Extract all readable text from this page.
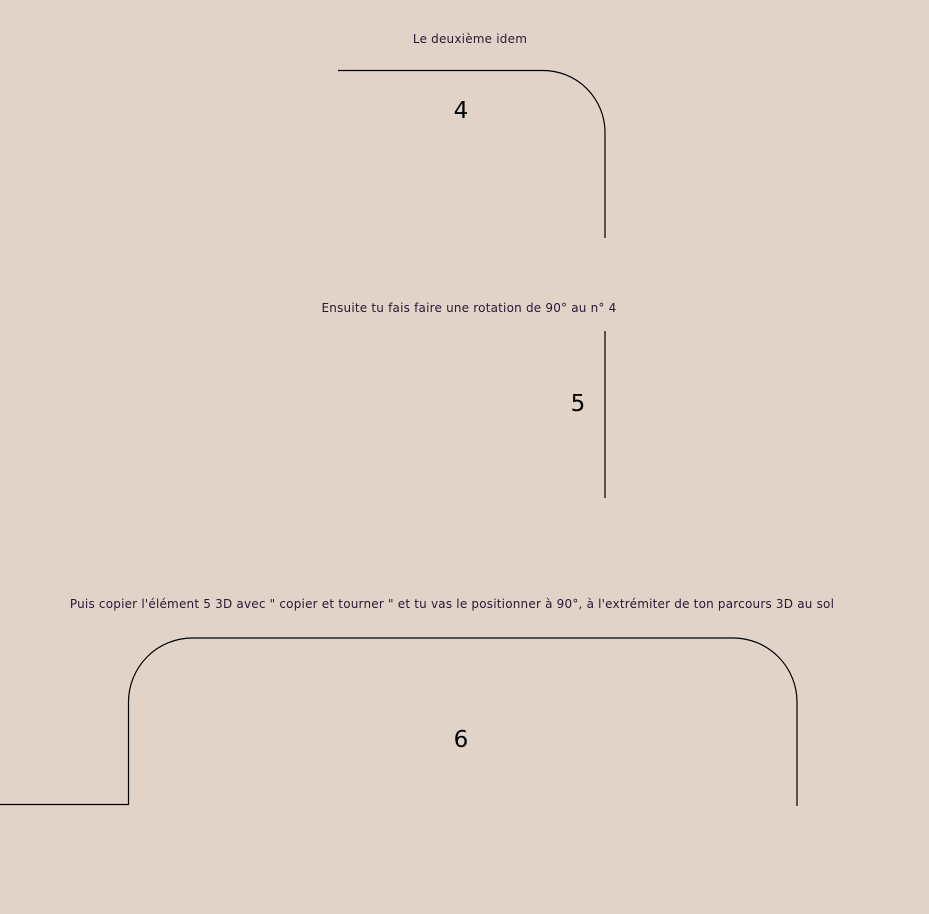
Le deuxième idem
4
Ensuite tu fais faire une rotation de 90° au n° 4
5
Puis copier l'élément 5 3D avec " copier et tourner " et tu vas le positionner à 90°, à l'extrémiter de ton parcours 3D au sol
6
